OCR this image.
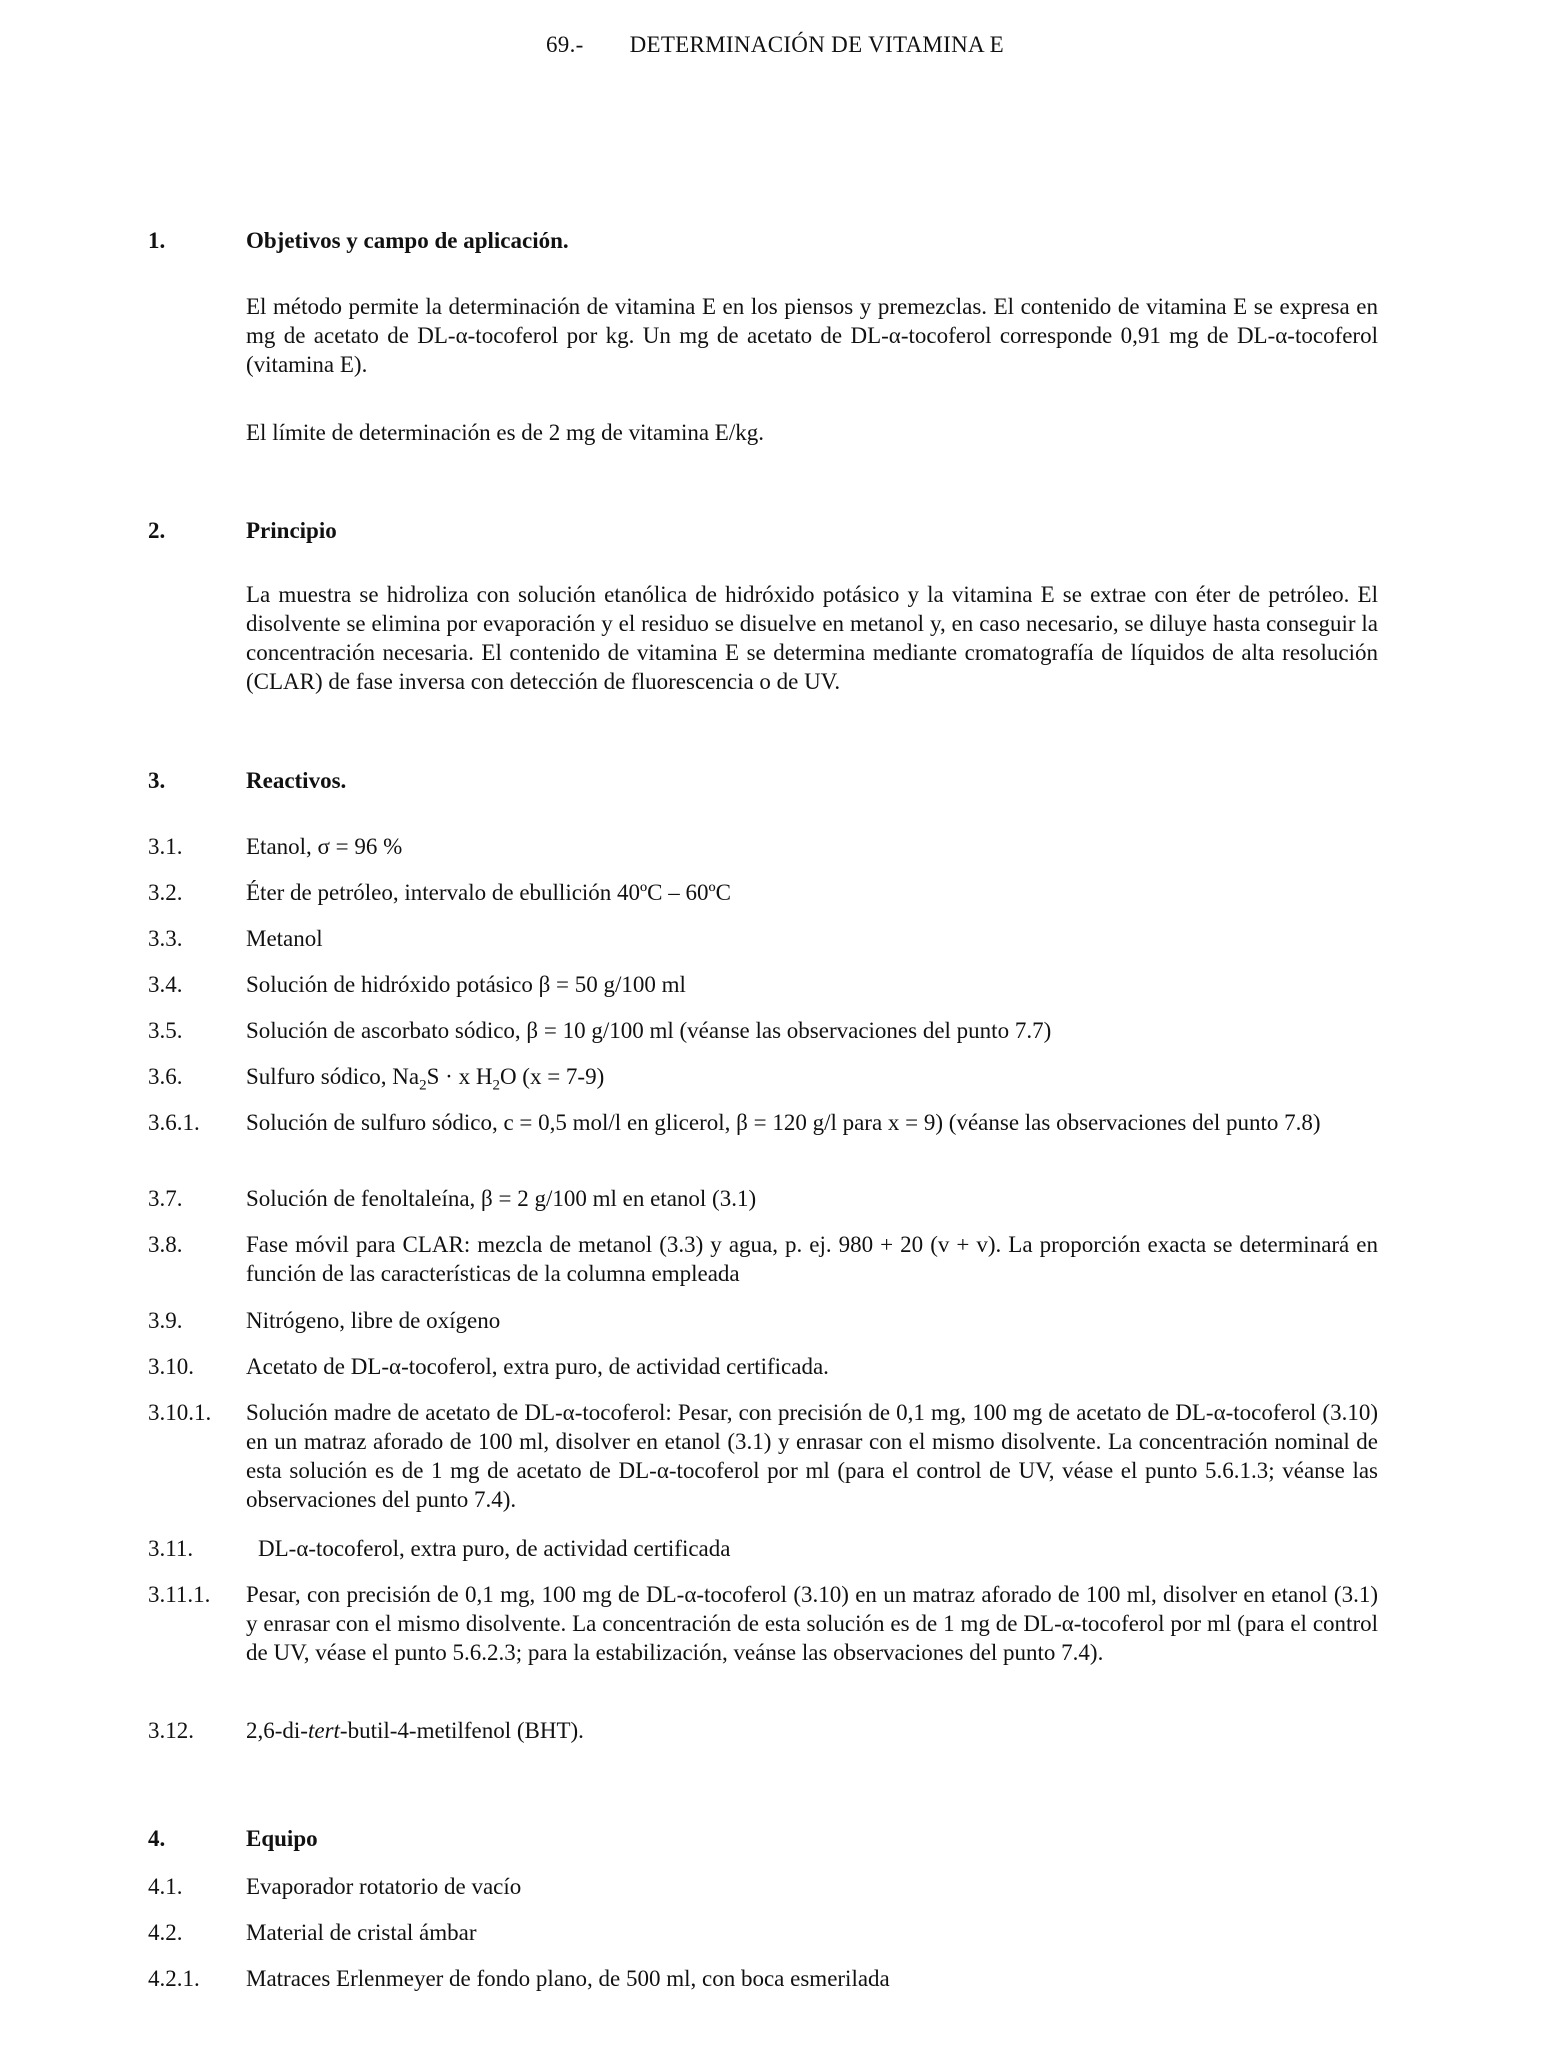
69.- DETERMINACIÓN DE VITAMINA E
1.	Objetivos y campo de aplicación.
El método permite la determinación de vitamina E en los piensos y premezclas. El contenido de vitamina E se expresa en mg de acetato de DL-α-tocoferol por kg. Un mg de acetato de DL-α-tocoferol corresponde 0,91 mg de DL-α-tocoferol (vitamina E).
El límite de determinación es de 2 mg de vitamina E/kg.
2.	Principio
La muestra se hidroliza con solución etanólica de hidróxido potásico y la vitamina E se extrae con éter de petróleo. El disolvente se elimina por evaporación y el residuo se disuelve en metanol y, en caso necesario, se diluye hasta conseguir la concentración necesaria. El contenido de vitamina E se determina mediante cromatografía de líquidos de alta resolución (CLAR) de fase inversa con detección de fluorescencia o de UV.
3.	Reactivos.
3.1.	Etanol, σ = 96 %
3.2.	Éter de petróleo, intervalo de ebullición 40ºC – 60ºC
3.3.	Metanol
3.4.	Solución de hidróxido potásico β = 50 g/100 ml
3.5.	Solución de ascorbato sódico, β = 10 g/100 ml (véanse las observaciones del punto 7.7)
3.6.	Sulfuro sódico, $Na_2S \cdot x$ $H_2O$ (x = 7-9)
3.6.1.	Solución de sulfuro sódico, c = 0,5 mol/l en glicerol, β = 120 g/l para x = 9) (véanse las observaciones del punto 7.8)
3.7.	Solución de fenoltaleína, β = 2 g/100 ml en etanol (3.1)
3.8.	Fase móvil para CLAR: mezcla de metanol (3.3) y agua, p. ej. 980 + 20 (v + v). La proporción exacta se determinará en función de las características de la columna empleada
3.9.	Nitrógeno, libre de oxígeno
3.10.	Acetato de DL-α-tocoferol, extra puro, de actividad certificada.
3.10.1.	Solución madre de acetato de DL-α-tocoferol: Pesar, con precisión de 0,1 mg, 100 mg de acetato de DL-α-tocoferol (3.10) en un matraz aforado de 100 ml, disolver en etanol (3.1) y enrasar con el mismo disolvente. La concentración nominal de esta solución es de 1 mg de acetato de DL-α-tocoferol por ml (para el control de UV, véase el punto 5.6.1.3; véanse las observaciones del punto 7.4).
3.11.	DL-α-tocoferol, extra puro, de actividad certificada
3.11.1.	Pesar, con precisión de 0,1 mg, 100 mg de DL-α-tocoferol (3.10) en un matraz aforado de 100 ml, disolver en etanol (3.1) y enrasar con el mismo disolvente. La concentración de esta solución es de 1 mg de DL-α-tocoferol por ml (para el control de UV, véase el punto 5.6.2.3; para la estabilización, veánse las observaciones del punto 7.4).
3.12.	2,6-di-tert-butil-4-metilfenol (BHT).
4.	Equipo
4.1.	Evaporador rotatorio de vacío
4.2.	Material de cristal ámbar
4.2.1.	Matraces Erlenmeyer de fondo plano, de 500 ml, con boca esmerilada
